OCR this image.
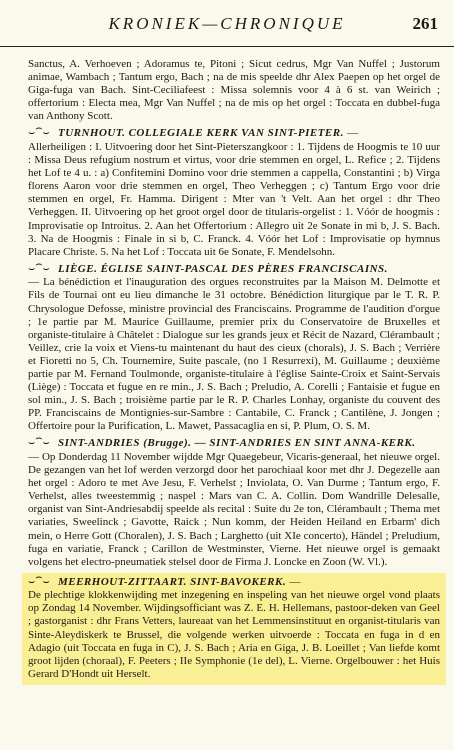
KRONIEK—CHRONIQUE	261

Sanctus, A. Verhoeven ; Adoramus te, Pitoni ; Sicut cedrus, Mgr Van Nuffel ; Justorum animae, Wambach ; Tantum ergo, Bach ; na de mis speelde dhr Alex Paepen op het orgel de Giga-fuga van Bach. Sint-Ceciliafeest : Missa solemnis voor 4 à 6 st. van Weirich ; offertorium : Electa mea, Mgr Van Nuffel ; na de mis op het orgel : Toccata en dubbel-fuga van Anthony Scott.

⌣⁀⌣ TURNHOUT. COLLEGIALE KERK VAN SINT-PIETER. —

Allerheiligen : I. Uitvoering door het Sint-Pieterszangkoor : 1. Tijdens de Hoogmis te 10 uur : Missa Deus refugium nostrum et virtus, voor drie stemmen en orgel, L. Refice ; 2. Tijdens het Lof te 4 u. : a) Confitemini Domino voor drie stemmen a cappella, Constantini ; b) Virga florens Aaron voor drie stemmen en orgel, Theo Verheggen ; c) Tantum Ergo voor drie stemmen en orgel, Fr. Hamma. Dirigent : Mter van 't Velt. Aan het orgel : dhr Theo Verheggen. II. Uitvoering op het groot orgel door de titularis-orgelist : 1. Vóór de hoogmis : Improvisatie op Introitus. 2. Aan het Offertorium : Allegro uit 2e Sonate in mi b, J. S. Bach. 3. Na de Hoogmis : Finale in si b, C. Franck. 4. Vóór het Lof : Improvisatie op hymnus Placare Christe. 5. Na het Lof : Toccata uit 6e Sonate, F. Mendelsohn.

⌣⁀⌣ LIÈGE. ÉGLISE SAINT-PASCAL DES PÈRES FRANCISCAINS.

— La bénédiction et l'inauguration des orgues reconstruites par la Maison M. Delmotte et Fils de Tournai ont eu lieu dimanche le 31 octobre. Bénédiction liturgique par le T. R. P. Chrysologue Defosse, ministre provincial des Franciscains. Programme de l'audition d'orgue ; 1e partie par M. Maurice Guillaume, premier prix du Conservatoire de Bruxelles et organiste-titulaire à Châtelet : Dialogue sur les grands jeux et Récit de Nazard, Clérambault ; Veillez, crie la voix et Viens-tu maintenant du haut des cieux (chorals), J. S. Bach ; Verrière et Fioretti no 5, Ch. Tournemire, Suite pascale, (no 1 Resurrexi), M. Guillaume ; deuxième partie par M. Fernand Toulmonde, organiste-titulaire à l'église Sainte-Croix et Saint-Servais (Liège) : Toccata et fugue en re min., J. S. Bach ; Preludio, A. Corelli ; Fantaisie et fugue en sol min., J. S. Bach ; troisième partie par le R. P. Charles Lonhay, organiste du couvent des PP. Franciscains de Montignies-sur-Sambre : Cantabile, C. Franck ; Cantilène, J. Jongen ; Offertoire pour la Purification, L. Mawet, Passacaglia en si, P. Plum, O. S. M.

⌣⁀⌣ SINT-ANDRIES (Brugge). — SINT-ANDRIES EN SINT ANNA-KERK.

— Op Donderdag 11 November wijdde Mgr Quaegebeur, Vicaris-generaal, het nieuwe orgel. De gezangen van het lof werden verzorgd door het parochiaal koor met dhr J. Degezelle aan het orgel : Adoro te met Ave Jesu, F. Verhelst ; Inviolata, O. Van Durme ; Tantum ergo, F. Verhelst, alles tweestemmig ; naspel : Mars van C. A. Collin. Dom Wandrille Delesalle, organist van Sint-Andriesabdij speelde als recital : Suite du 2e ton, Clérambault ; Thema met variaties, Sweelinck ; Gavotte, Raick ; Nun komm, der Heiden Heiland en Erbarm' dich mein, o Herre Gott (Choralen), J. S. Bach ; Larghetto (uit XIe concerto), Händel ; Preludium, fuga en variatie, Franck ; Carillon de Westminster, Vierne. Het nieuwe orgel is gemaakt volgens het electro-pneumatiek stelsel door de Firma J. Loncke en Zoon (W. Vl.).

⌣⁀⌣ MEERHOUT-ZITTAART. SINT-BAVOKERK. —

De plechtige klokkenwijding met inzegening en inspeling van het nieuwe orgel vond plaats op Zondag 14 November. Wijdingsofficiant was Z. E. H. Hellemans, pastoor-deken van Geel ; gastorganist : dhr Frans Vetters, laureaat van het Lemmensinstituut en organist-titularis van Sinte-Aleydiskerk te Brussel, die volgende werken uitvoerde : Toccata en fuga in d en Adagio (uit Toccata en fuga in C), J. S. Bach ; Aria en Giga, J. B. Loeillet ; Van liefde komt groot lijden (choraal), F. Peeters ; IIe Symphonie (1e del), L. Vierne. Orgelbouwer : het Huis Gerard D'Hondt uit Herselt.
